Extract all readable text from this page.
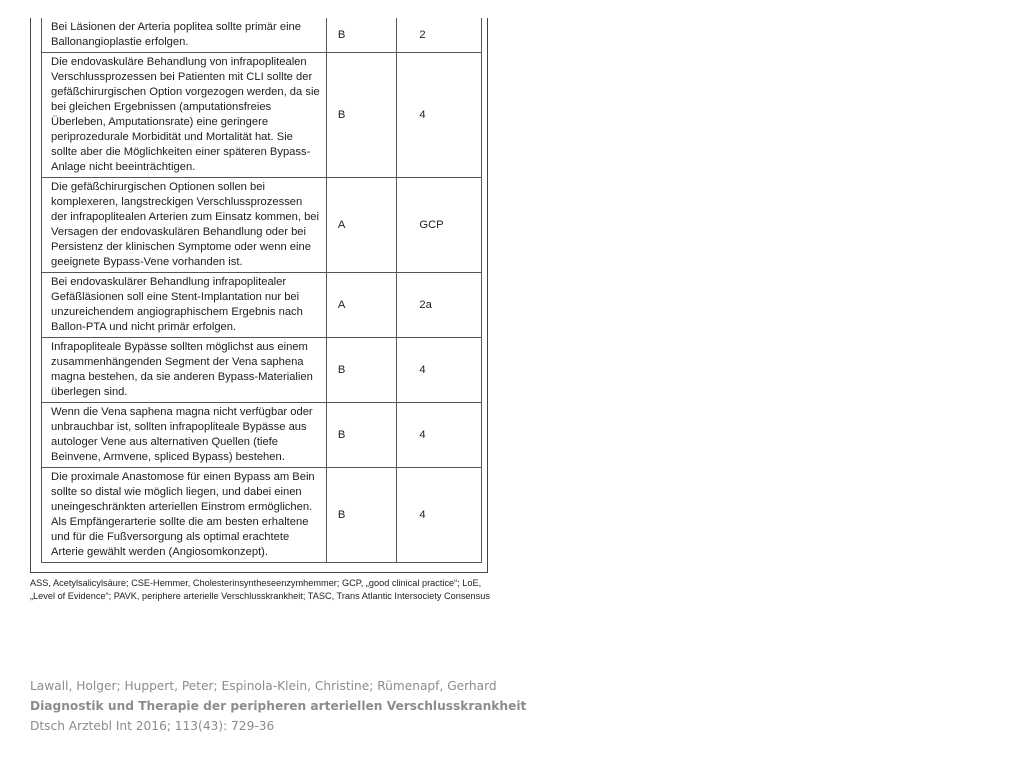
Bei Läsionen der Arteria poplitea sollte primär eine Ballonangioplastie erfolgen.	B	2
Die endovaskuläre Behandlung von infrapoplitealen Verschlussprozessen bei Patienten mit CLI sollte der gefäßchirurgischen Option vorgezogen werden, da sie bei gleichen Ergebnissen (amputationsfreies Überleben, Amputationsrate) eine geringere periprozedurale Morbidität und Mortalität hat. Sie sollte aber die Möglichkeiten einer späteren Bypass-Anlage nicht beeinträchtigen.	B	4
Die gefäßchirurgischen Optionen sollen bei komplexeren, langstreckigen Verschlussprozessen der infrapoplitealen Arterien zum Einsatz kommen, bei Versagen der endovaskulären Behandlung oder bei Persistenz der klinischen Symptome oder wenn eine geeignete Bypass-Vene vorhanden ist.	A	GCP
Bei endovaskulärer Behandlung infrapoplitealer Gefäßläsionen soll eine Stent-Implantation nur bei unzureichendem angiographischem Ergebnis nach Ballon-PTA und nicht primär erfolgen.	A	2a
Infrapopliteale Bypässe sollten möglichst aus einem zusammenhängenden Segment der Vena saphena magna bestehen, da sie anderen Bypass-Materialien überlegen sind.	B	4
Wenn die Vena saphena magna nicht verfügbar oder unbrauchbar ist, sollten infrapopliteale Bypässe aus autologer Vene aus alternativen Quellen (tiefe Beinvene, Armvene, spliced Bypass) bestehen.	B	4
Die proximale Anastomose für einen Bypass am Bein sollte so distal wie möglich liegen, und dabei einen uneingeschränkten arteriellen Einstrom ermöglichen. Als Empfängerarterie sollte die am besten erhaltene und für die Fußversorgung als optimal erachtete Arterie gewählt werden (Angiosomkonzept).	B	4
ASS, Acetylsalicylsäure; CSE-Hemmer, Cholesterinsyntheseenzymhemmer; GCP, „good clinical practice“; LoE, „Level of Evidence“; PAVK, periphere arterielle Verschlusskrankheit; TASC, Trans Atlantic Intersociety Consensus
Lawall, Holger; Huppert, Peter; Espinola-Klein, Christine; Rümenapf, Gerhard
Diagnostik und Therapie der peripheren arteriellen Verschlusskrankheit
Dtsch Arztebl Int 2016; 113(43): 729-36
